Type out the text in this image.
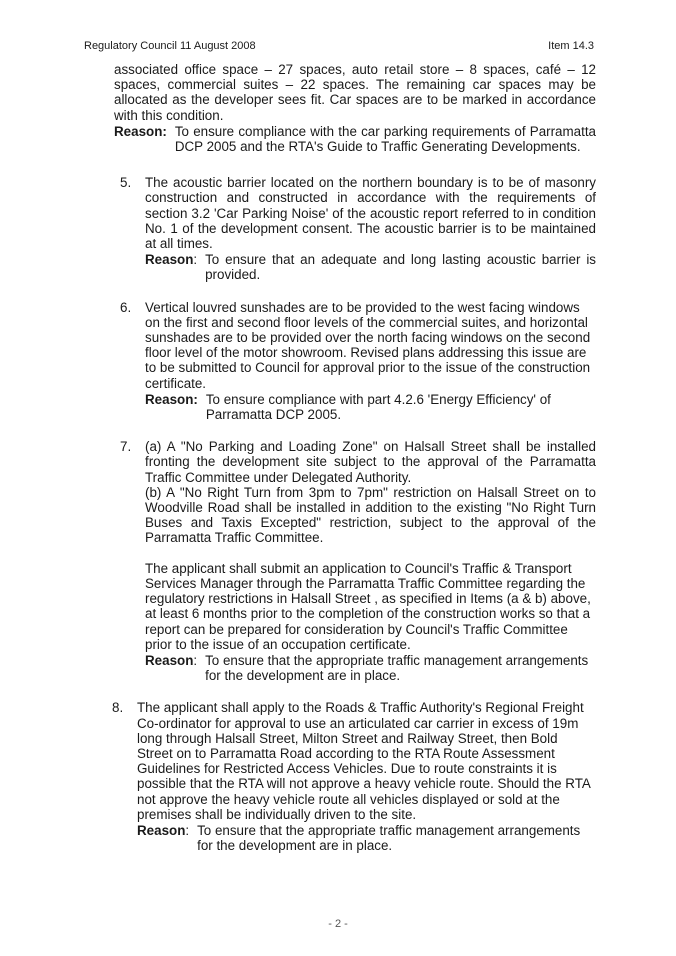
Regulatory Council 11 August 2008	Item 14.3
associated office space – 27 spaces, auto retail store – 8 spaces, café – 12 spaces, commercial suites – 22 spaces. The remaining car spaces may be allocated as the developer sees fit. Car spaces are to be marked in accordance with this condition.
Reason: To ensure compliance with the car parking requirements of Parramatta DCP 2005 and the RTA's Guide to Traffic Generating Developments.
5. The acoustic barrier located on the northern boundary is to be of masonry construction and constructed in accordance with the requirements of section 3.2 'Car Parking Noise' of the acoustic report referred to in condition No. 1 of the development consent. The acoustic barrier is to be maintained at all times.
Reason: To ensure that an adequate and long lasting acoustic barrier is provided.
6. Vertical louvred sunshades are to be provided to the west facing windows on the first and second floor levels of the commercial suites, and horizontal sunshades are to be provided over the north facing windows on the second floor level of the motor showroom. Revised plans addressing this issue are to be submitted to Council for approval prior to the issue of the construction certificate.
Reason: To ensure compliance with part 4.2.6 'Energy Efficiency' of Parramatta DCP 2005.
7. (a) A "No Parking and Loading Zone" on Halsall Street shall be installed fronting the development site subject to the approval of the Parramatta Traffic Committee under Delegated Authority.
(b) A "No Right Turn from 3pm to 7pm" restriction on Halsall Street on to Woodville Road shall be installed in addition to the existing "No Right Turn Buses and Taxis Excepted" restriction, subject to the approval of the Parramatta Traffic Committee.
The applicant shall submit an application to Council's Traffic & Transport Services Manager through the Parramatta Traffic Committee regarding the regulatory restrictions in Halsall Street , as specified in Items (a & b) above, at least 6 months prior to the completion of the construction works so that a report can be prepared for consideration by Council's Traffic Committee prior to the issue of an occupation certificate.
Reason: To ensure that the appropriate traffic management arrangements for the development are in place.
8. The applicant shall apply to the Roads & Traffic Authority's Regional Freight Co-ordinator for approval to use an articulated car carrier in excess of 19m long through Halsall Street, Milton Street and Railway Street, then Bold Street on to Parramatta Road according to the RTA Route Assessment Guidelines for Restricted Access Vehicles. Due to route constraints it is possible that the RTA will not approve a heavy vehicle route. Should the RTA not approve the heavy vehicle route all vehicles displayed or sold at the premises shall be individually driven to the site.
Reason: To ensure that the appropriate traffic management arrangements for the development are in place.
- 2 -
